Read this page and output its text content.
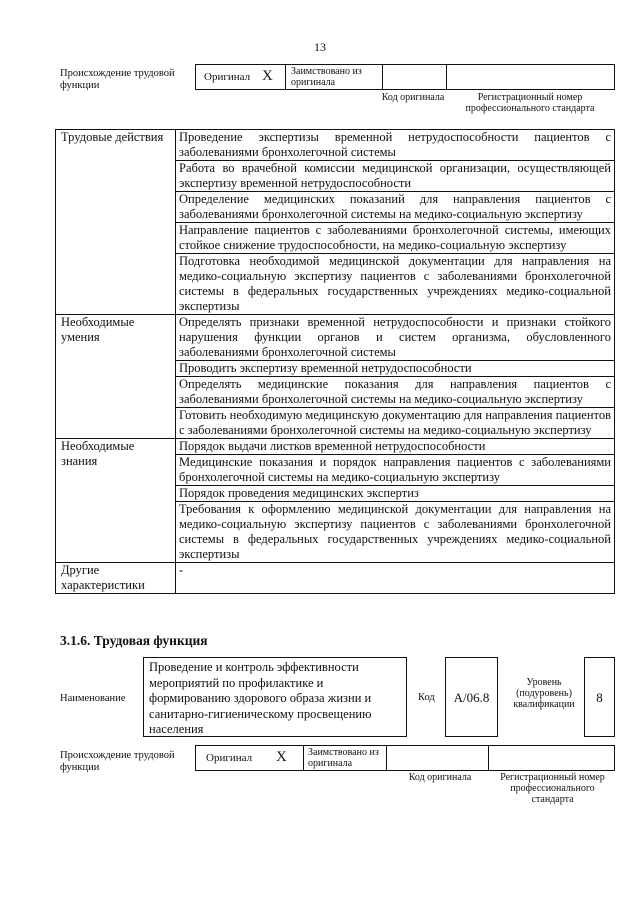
13
Происхождение трудовой функции
Оригинал X Заимствовано из оригинала
Код оригинала	Регистрационный номер профессионального стандарта
Трудовые действия	Проведение экспертизы временной нетрудоспособности пациентов с заболеваниями бронхолегочной системы
	Работа во врачебной комиссии медицинской организации, осуществляющей экспертизу временной нетрудоспособности
	Определение медицинских показаний для направления пациентов с заболеваниями бронхолегочной системы на медико-социальную экспертизу
	Направление пациентов с заболеваниями бронхолегочной системы, имеющих стойкое снижение трудоспособности, на медико-социальную экспертизу
	Подготовка необходимой медицинской документации для направления на медико-социальную экспертизу пациентов с заболеваниями бронхолегочной системы в федеральных государственных учреждениях медико-социальной экспертизы
Необходимые умения	Определять признаки временной нетрудоспособности и признаки стойкого нарушения функции органов и систем организма, обусловленного заболеваниями бронхолегочной системы
	Проводить экспертизу временной нетрудоспособности
	Определять медицинские показания для направления пациентов с заболеваниями бронхолегочной системы на медико-социальную экспертизу
	Готовить необходимую медицинскую документацию для направления пациентов с заболеваниями бронхолегочной системы на медико-социальную экспертизу
Необходимые знания	Порядок выдачи листков временной нетрудоспособности
	Медицинские показания и порядок направления пациентов с заболеваниями бронхолегочной системы на медико-социальную экспертизу
	Порядок проведения медицинских экспертиз
	Требования к оформлению медицинской документации для направления на медико-социальную экспертизу пациентов с заболеваниями бронхолегочной системы в федеральных государственных учреждениях медико-социальной экспертизы
Другие характеристики	-
3.1.6. Трудовая функция
Наименование
Проведение и контроль эффективности мероприятий по профилактике и формированию здорового образа жизни и санитарно-гигиеническому просвещению населения
Код	A/06.8
Уровень (подуровень) квалификации	8
Происхождение трудовой функции
Оригинал X Заимствовано из оригинала
Код оригинала	Регистрационный номер профессионального стандарта
